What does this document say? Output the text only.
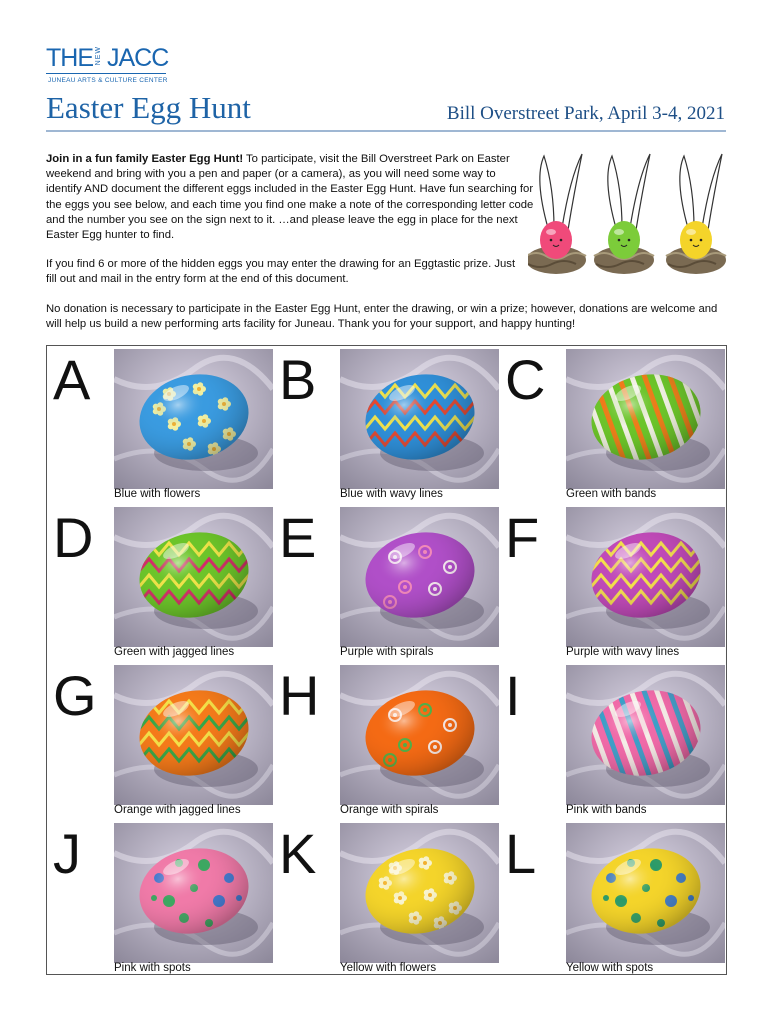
THE NEW JACC
JUNEAU ARTS & CULTURE CENTER
Easter Egg Hunt	Bill Overstreet Park, April 3-4, 2021
Join in a fun family Easter Egg Hunt! To participate, visit the Bill Overstreet Park on Easter weekend and bring with you a pen and paper (or a camera), as you will need some way to identify AND document the different eggs included in the Easter Egg Hunt. Have fun searching for the eggs you see below, and each time you find one make a note of the corresponding letter code and the number you see on the sign next to it. …and please leave the egg in place for the next Easter Egg hunter to find.
If you find 6 or more of the hidden eggs you may enter the drawing for an Eggtastic prize. Just fill out and mail in the entry form at the end of this document.
No donation is necessary to participate in the Easter Egg Hunt, enter the drawing, or win a prize; however, donations are welcome and will help us build a new performing arts facility for Juneau. Thank you for your support, and happy hunting!
A
Blue with flowers
B
Blue with wavy lines
C
Green with bands
D
Green with jagged lines
E
Purple with spirals
F
Purple with wavy lines
G
Orange with jagged lines
H
Orange with spirals
I
Pink with bands
J
Pink with spots
K
Yellow with flowers
L
Yellow with spots
